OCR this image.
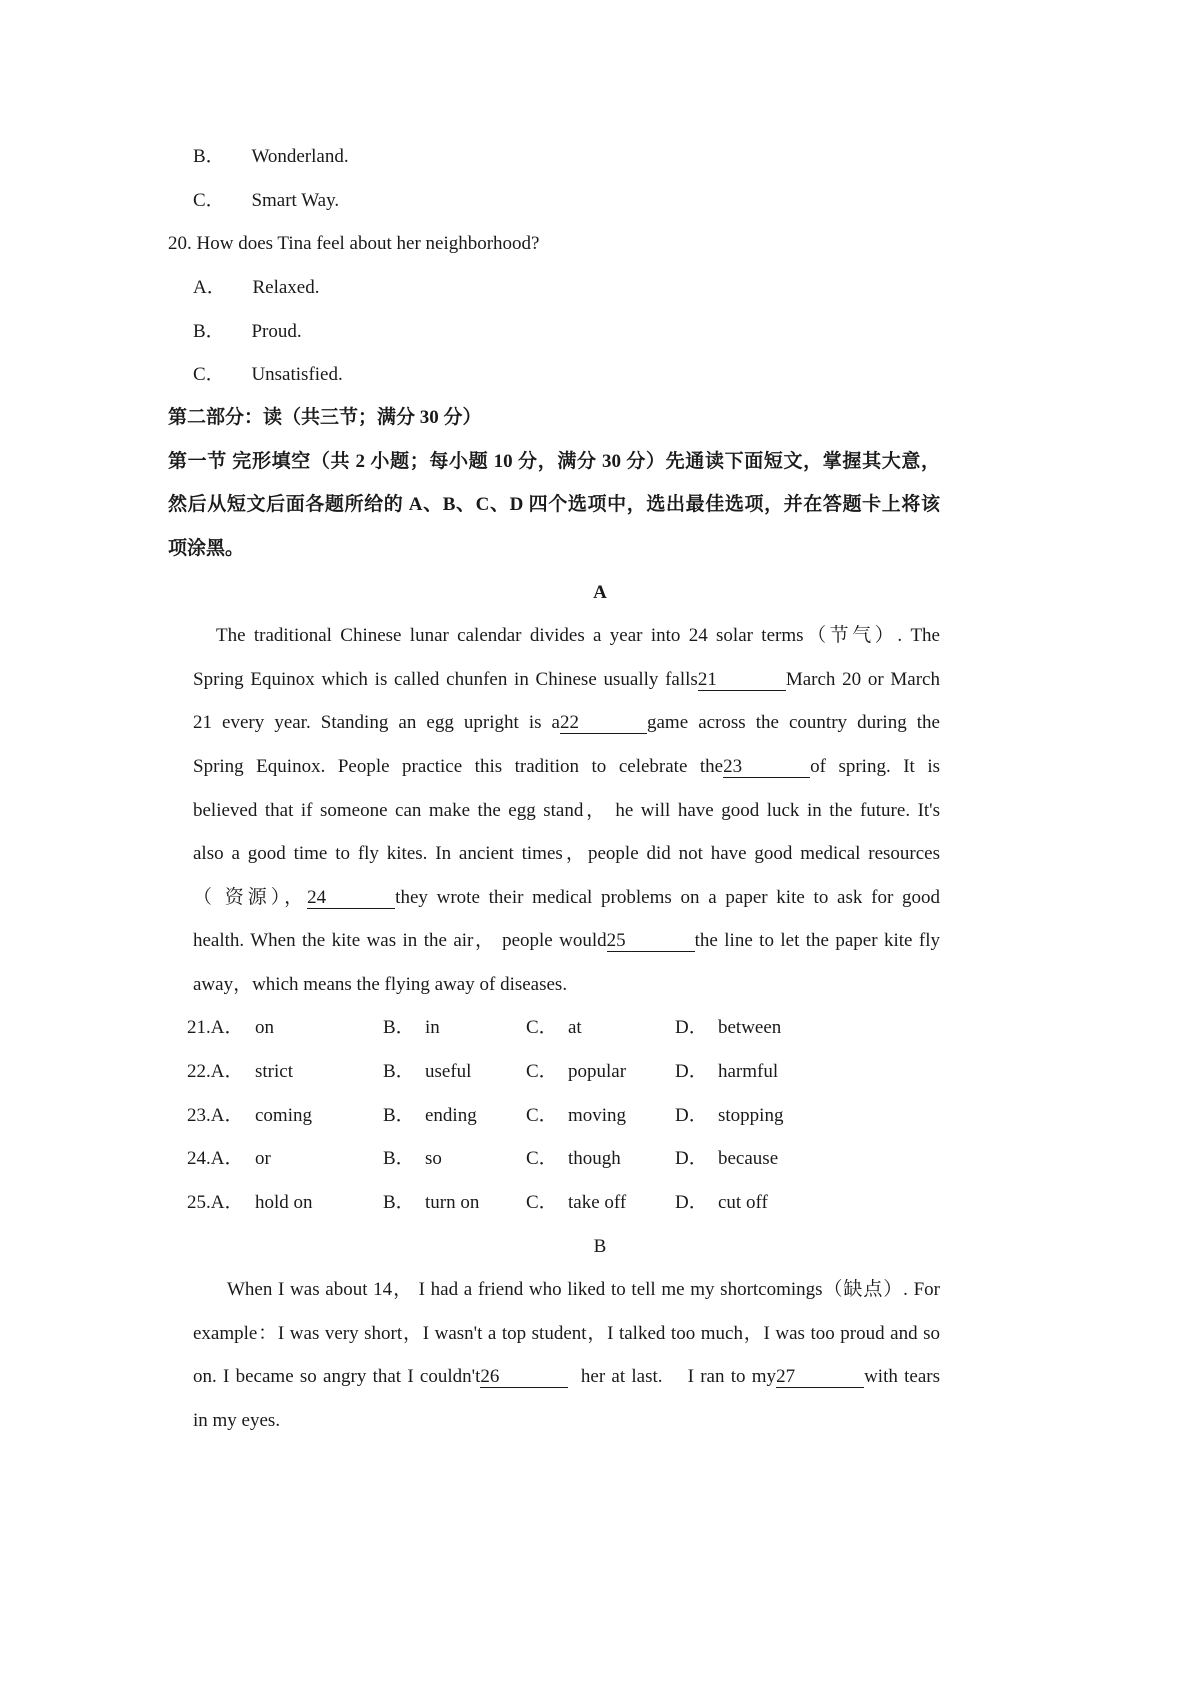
B． Wonderland.
C． Smart Way.
20. How does Tina feel about her neighborhood?
A． Relaxed.
B． Proud.
C． Unsatisfied.
第二部分：读（共三节；满分 30 分）
第一节 完形填空（共 2 小题；每小题 10 分，满分 30 分）先通读下面短文，掌握其大意，
然后从短文后面各题所给的 A、B、C、D 四个选项中，选出最佳选项，并在答题卡上将该
项涂黑。
A
The traditional Chinese lunar calendar divides a year into 24 solar terms（节气）. The
Spring Equinox which is called chunfen in Chinese usually falls21	March 20 or March
21 every year. Standing an egg upright is a22	game across the country during the
Spring Equinox. People practice this tradition to celebrate the23	of spring. It is
believed that if someone can make the egg stand， he will have good luck in the future. It's
also a good time to fly kites. In ancient times，people did not have good medical resources
（ 资源），24	they wrote their medical problems on a paper kite to ask for good
health. When the kite was in the air， people would25	the line to let the paper kite fly
away，which means the flying away of diseases.
21.A． on	B． in	C． at	D． between
22.A． strict	B． useful	C． popular	D． harmful
23.A． coming	B． ending	C． moving	D． stopping
24.A． or	B． so	C． though	D． because
25.A． hold on	B． turn on C． take off	D． cut off
B
When I was about 14， I had a friend who liked to tell me my shortcomings（缺点）. For
example：I was very short，I wasn't a top student，I talked too much，I was too proud and so
on. I became so angry that I couldn't26	her at last.    I ran to my27	with tears
in my eyes.
